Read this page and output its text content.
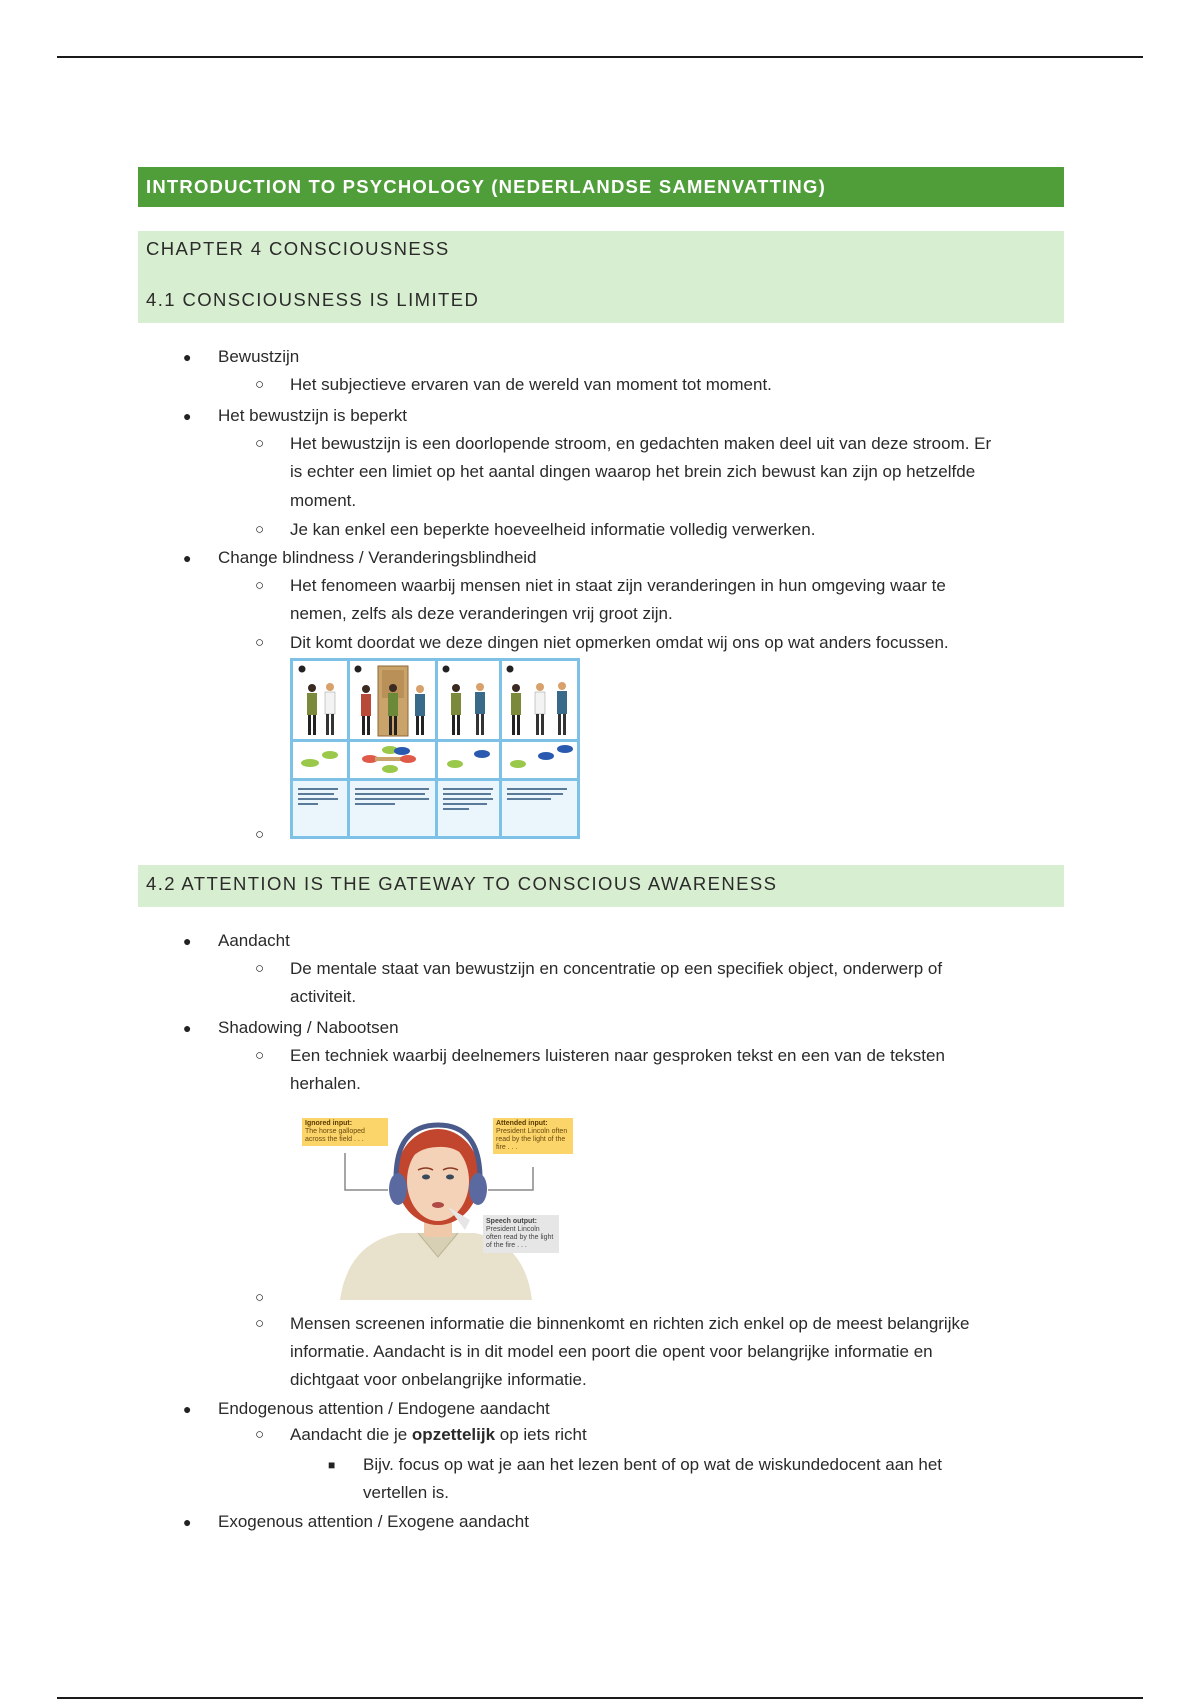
INTRODUCTION TO PSYCHOLOGY (NEDERLANDSE SAMENVATTING)
CHAPTER 4 CONSCIOUSNESS
4.1 CONSCIOUSNESS IS LIMITED
● Bewustzijn
○ Het subjectieve ervaren van de wereld van moment tot moment.
● Het bewustzijn is beperkt
○ Het bewustzijn is een doorlopende stroom, en gedachten maken deel uit van deze stroom. Er
is echter een limiet op het aantal dingen waarop het brein zich bewust kan zijn op hetzelfde
moment.
○ Je kan enkel een beperkte hoeveelheid informatie volledig verwerken.
● Change blindness / Veranderingsblindheid
○ Het fenomeen waarbij mensen niet in staat zijn veranderingen in hun omgeving waar te
nemen, zelfs als deze veranderingen vrij groot zijn.
○ Dit komt doordat we deze dingen niet opmerken omdat wij ons op wat anders focussen.
○
4.2 ATTENTION IS THE GATEWAY TO CONSCIOUS AWARENESS
● Aandacht
○ De mentale staat van bewustzijn en concentratie op een specifiek object, onderwerp of
activiteit.
● Shadowing / Nabootsen
○ Een techniek waarbij deelnemers luisteren naar gesproken tekst en een van de teksten
herhalen.
Ignored input:
The horse galloped across the field . . .
Attended input:
President Lincoln often read by the light of the fire . . .
Speech output:
President Lincoln often read by the light of the fire . . .
○
○ Mensen screenen informatie die binnenkomt en richten zich enkel op de meest belangrijke
informatie. Aandacht is in dit model een poort die opent voor belangrijke informatie en
dichtgaat voor onbelangrijke informatie.
● Endogenous attention / Endogene aandacht
○ Aandacht die je opzettelijk op iets richt
■ Bijv. focus op wat je aan het lezen bent of op wat de wiskundedocent aan het
vertellen is.
● Exogenous attention / Exogene aandacht
